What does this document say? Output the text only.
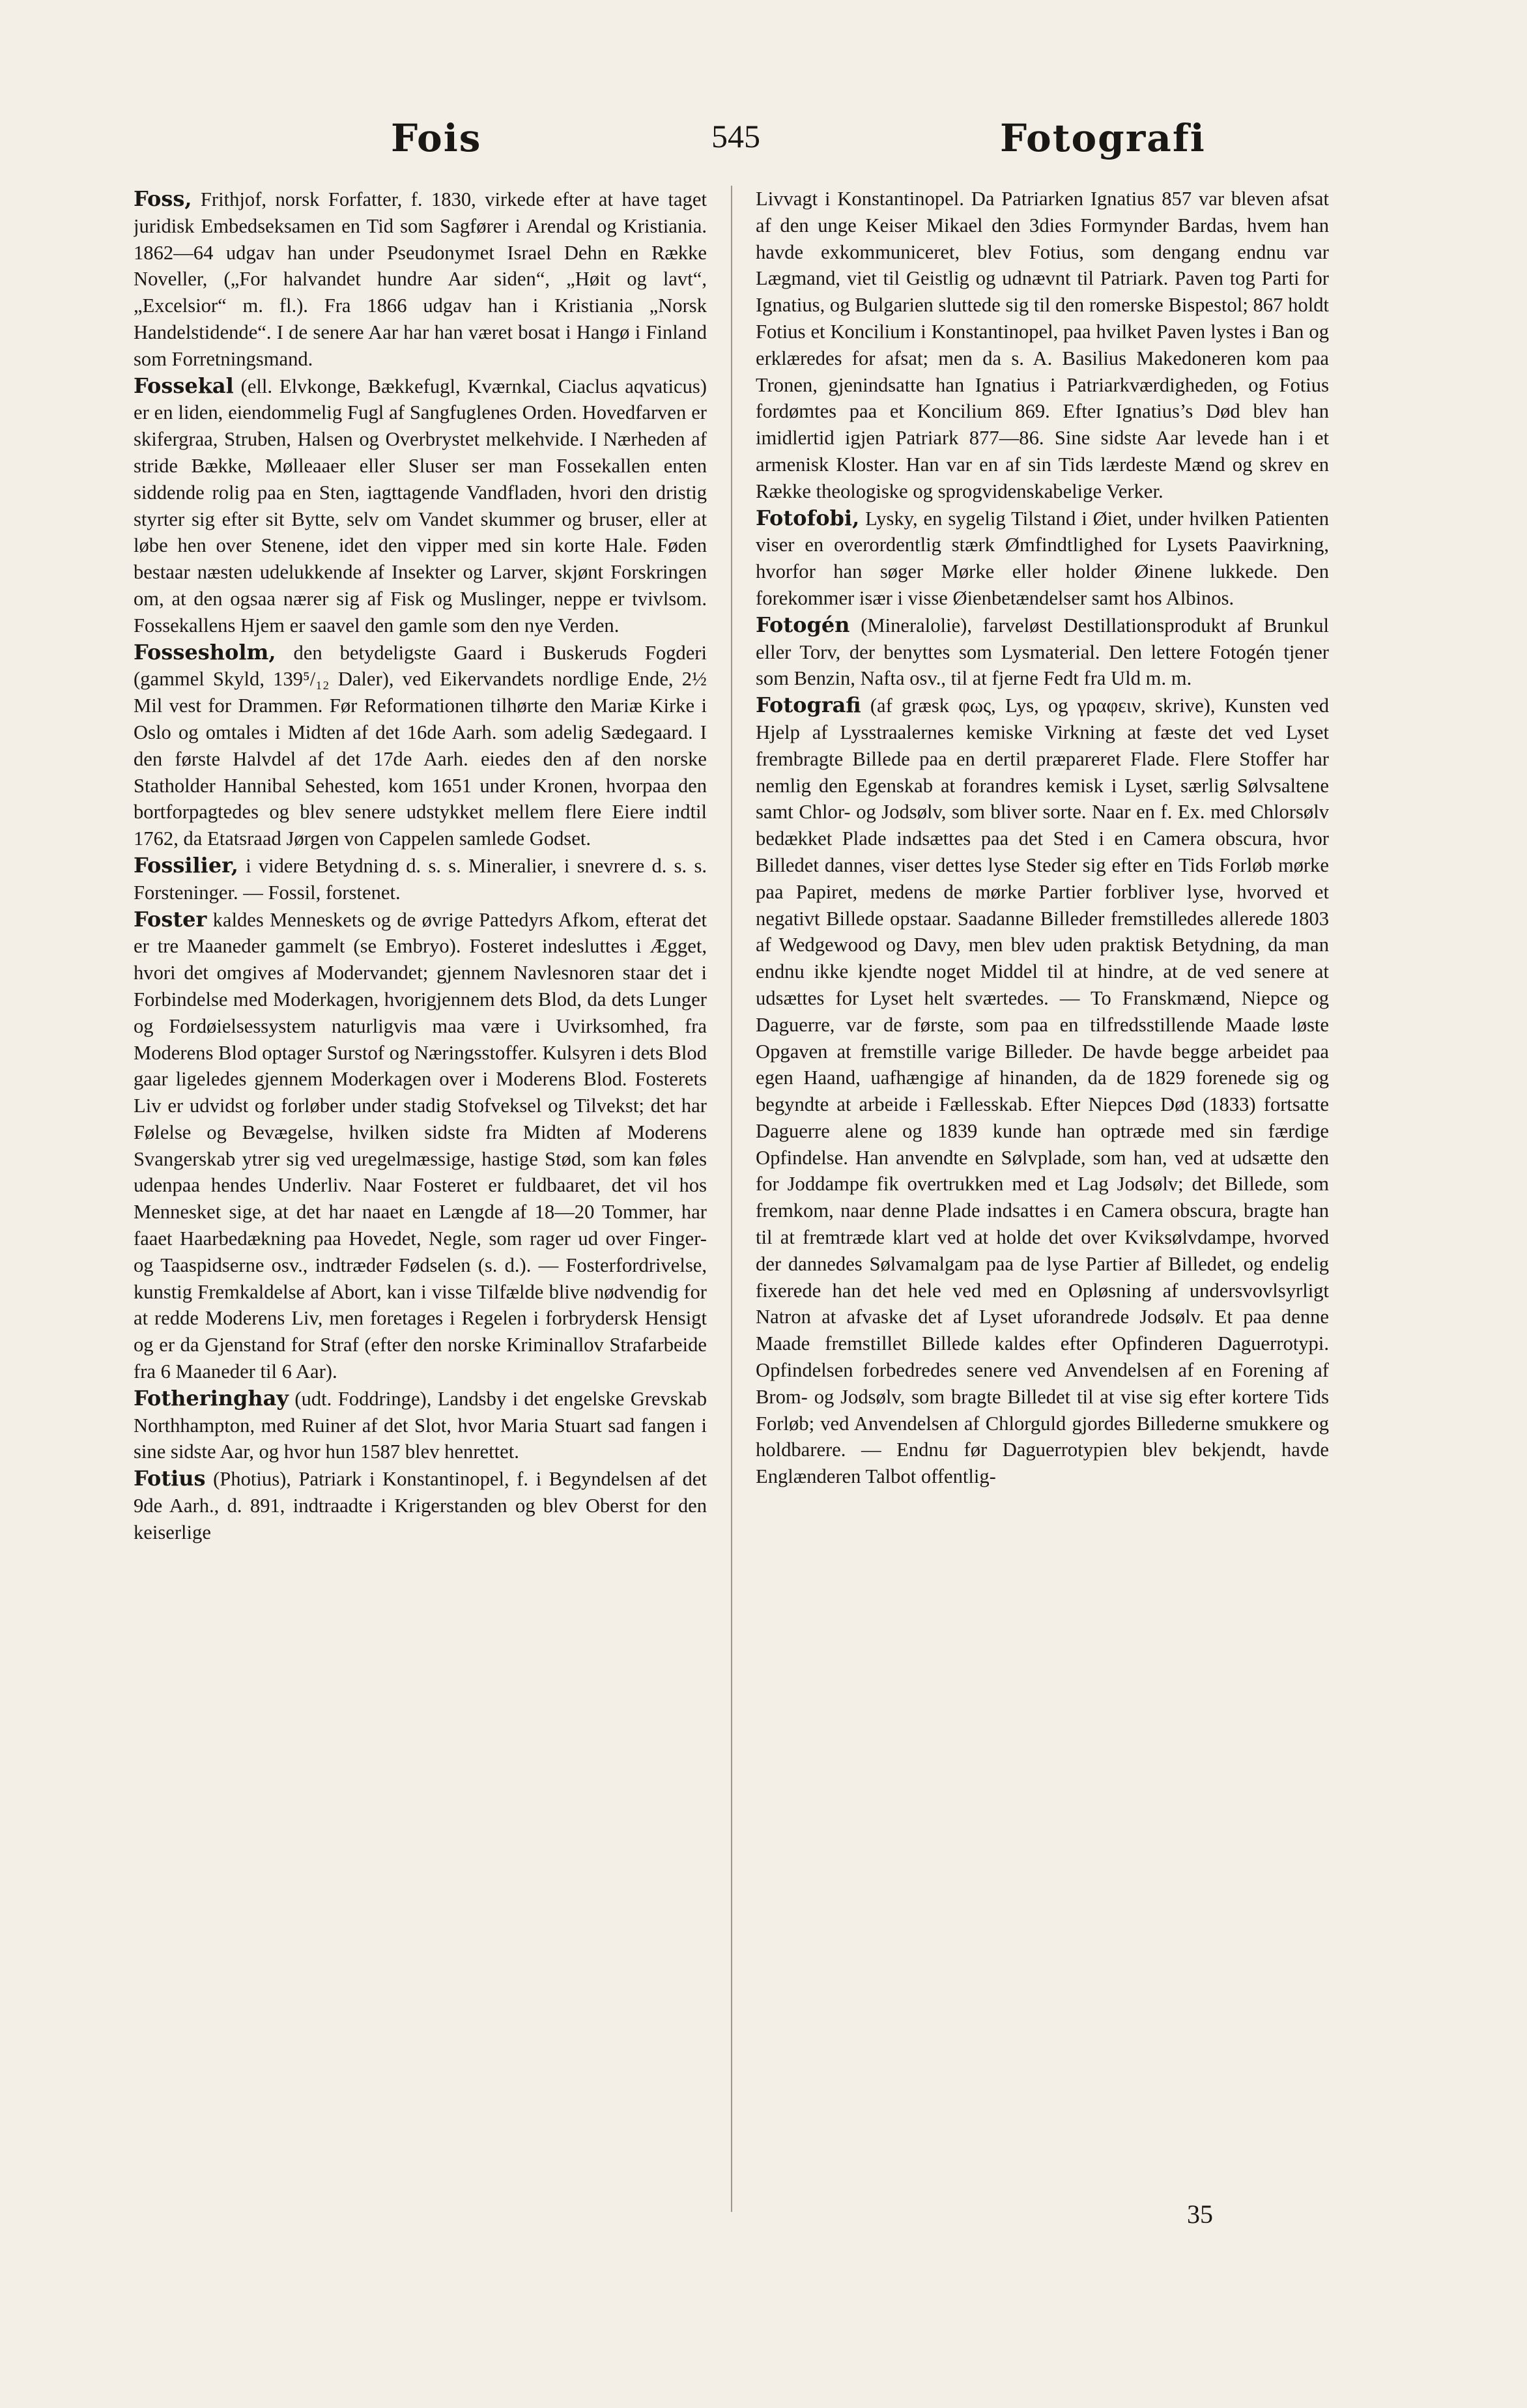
Fois	545	Fotografi

Foss, Frithjof, norsk Forfatter, f. 1830, virkede efter at have taget juridisk Embedseksamen en Tid som Sagfører i Arendal og Kristiania. 1862—64 udgav han under Pseudonymet Israel Dehn en Række Noveller, („For halvandet hundre Aar siden“, „Høit og lavt“, „Excelsior“ m. fl.). Fra 1866 udgav han i Kristiania „Norsk Handelstidende“. I de senere Aar har han været bosat i Hangø i Finland som Forretningsmand.

Fossekal (ell. Elvkonge, Bækkefugl, Kværnkal, Ciaclus aqvaticus) er en liden, eiendommelig Fugl af Sangfuglenes Orden. Hovedfarven er skifergraa, Struben, Halsen og Overbrystet melkehvide. I Nærheden af stride Bække, Mølleaaer eller Sluser ser man Fossekallen enten siddende rolig paa en Sten, iagttagende Vandfladen, hvori den dristig styrter sig efter sit Bytte, selv om Vandet skummer og bruser, eller at løbe hen over Stenene, idet den vipper med sin korte Hale. Føden bestaar næsten udelukkende af Insekter og Larver, skjønt Forskringen om, at den ogsaa nærer sig af Fisk og Muslinger, neppe er tvivlsom. Fossekallens Hjem er saavel den gamle som den nye Verden.

Fossesholm, den betydeligste Gaard i Buskeruds Fogderi (gammel Skyld, 139⁵/₁₂ Daler), ved Eikervandets nordlige Ende, 2½ Mil vest for Drammen. Før Reformationen tilhørte den Mariæ Kirke i Oslo og omtales i Midten af det 16de Aarh. som adelig Sædegaard. I den første Halvdel af det 17de Aarh. eiedes den af den norske Statholder Hannibal Sehested, kom 1651 under Kronen, hvorpaa den bortforpagtedes og blev senere udstykket mellem flere Eiere indtil 1762, da Etatsraad Jørgen von Cappelen samlede Godset.

Fossilier, i videre Betydning d. s. s. Mineralier, i snevrere d. s. s. Forsteninger. — Fossil, forstenet.

Foster kaldes Menneskets og de øvrige Pattedyrs Afkom, efterat det er tre Maaneder gammelt (se Embryo). Fosteret indesluttes i Ægget, hvori det omgives af Modervandet; gjennem Navlesnoren staar det i Forbindelse med Moderkagen, hvorigjennem dets Blod, da dets Lunger og Fordøielsessystem naturligvis maa være i Uvirksomhed, fra Moderens Blod optager Surstof og Næringsstoffer. Kulsyren i dets Blod gaar ligeledes gjennem Moderkagen over i Moderens Blod. Fosterets Liv er udvidst og forløber under stadig Stofveksel og Tilvekst; det har Følelse og Bevægelse, hvilken sidste fra Midten af Moderens Svangerskab ytrer sig ved uregelmæssige, hastige Stød, som kan føles udenpaa hendes Underliv. Naar Fosteret er fuldbaaret, det vil hos Mennesket sige, at det har naaet en Længde af 18—20 Tommer, har faaet Haarbedækning paa Hovedet, Negle, som rager ud over Finger- og Taaspidserne osv., indtræder Fødselen (s. d.). — Fosterfordrivelse, kunstig Fremkaldelse af Abort, kan i visse Tilfælde blive nødvendig for at redde Moderens Liv, men foretages i Regelen i forbrydersk Hensigt og er da Gjenstand for Straf (efter den norske Kriminallov Strafarbeide fra 6 Maaneder til 6 Aar).

Fotheringhay (udt. Foddringe), Landsby i det engelske Grevskab Northhampton, med Ruiner af det Slot, hvor Maria Stuart sad fangen i sine sidste Aar, og hvor hun 1587 blev henrettet.

Fotius (Photius), Patriark i Konstantinopel, f. i Begyndelsen af det 9de Aarh., d. 891, indtraadte i Krigerstanden og blev Oberst for den keiserlige

Livvagt i Konstantinopel. Da Patriarken Ignatius 857 var bleven afsat af den unge Keiser Mikael den 3dies Formynder Bardas, hvem han havde exkommuniceret, blev Fotius, som dengang endnu var Lægmand, viet til Geistlig og udnævnt til Patriark. Paven tog Parti for Ignatius, og Bulgarien sluttede sig til den romerske Bispestol; 867 holdt Fotius et Koncilium i Konstantinopel, paa hvilket Paven lystes i Ban og erklæredes for afsat; men da s. A. Basilius Makedoneren kom paa Tronen, gjenindsatte han Ignatius i Patriarkværdigheden, og Fotius fordømtes paa et Koncilium 869. Efter Ignatius’s Død blev han imidlertid igjen Patriark 877—86. Sine sidste Aar levede han i et armenisk Kloster. Han var en af sin Tids lærdeste Mænd og skrev en Række theologiske og sprogvidenskabelige Verker.

Fotofobi, Lysky, en sygelig Tilstand i Øiet, under hvilken Patienten viser en overordentlig stærk Ømfindtlighed for Lysets Paavirkning, hvorfor han søger Mørke eller holder Øinene lukkede. Den forekommer især i visse Øienbetændelser samt hos Albinos.

Fotogén (Mineralolie), farveløst Destillationsprodukt af Brunkul eller Torv, der benyttes som Lysmaterial. Den lettere Fotogén tjener som Benzin, Nafta osv., til at fjerne Fedt fra Uld m. m.

Fotografi (af græsk φως, Lys, og γραφειν, skrive), Kunsten ved Hjelp af Lysstraalernes kemiske Virkning at fæste det ved Lyset frembragte Billede paa en dertil præpareret Flade. Flere Stoffer har nemlig den Egenskab at forandres kemisk i Lyset, særlig Sølvsaltene samt Chlor- og Jodsølv, som bliver sorte. Naar en f. Ex. med Chlorsølv bedækket Plade indsættes paa det Sted i en Camera obscura, hvor Billedet dannes, viser dettes lyse Steder sig efter en Tids Forløb mørke paa Papiret, medens de mørke Partier forbliver lyse, hvorved et negativt Billede opstaar. Saadanne Billeder fremstilledes allerede 1803 af Wedgewood og Davy, men blev uden praktisk Betydning, da man endnu ikke kjendte noget Middel til at hindre, at de ved senere at udsættes for Lyset helt sværtedes. — To Franskmænd, Niepce og Daguerre, var de første, som paa en tilfredsstillende Maade løste Opgaven at fremstille varige Billeder. De havde begge arbeidet paa egen Haand, uafhængige af hinanden, da de 1829 forenede sig og begyndte at arbeide i Fællesskab. Efter Niepces Død (1833) fortsatte Daguerre alene og 1839 kunde han optræde med sin færdige Opfindelse. Han anvendte en Sølvplade, som han, ved at udsætte den for Joddampe fik overtrukken med et Lag Jodsølv; det Billede, som fremkom, naar denne Plade indsattes i en Camera obscura, bragte han til at fremtræde klart ved at holde det over Kviksølvdampe, hvorved der dannedes Sølvamalgam paa de lyse Partier af Billedet, og endelig fixerede han det hele ved med en Opløsning af undersvovlsyrligt Natron at afvaske det af Lyset uforandrede Jodsølv. Et paa denne Maade fremstillet Billede kaldes efter Opfinderen Daguerrotypi. Opfindelsen forbedredes senere ved Anvendelsen af en Forening af Brom- og Jodsølv, som bragte Billedet til at vise sig efter kortere Tids Forløb; ved Anvendelsen af Chlorguld gjordes Billederne smukkere og holdbarere. — Endnu før Daguerrotypien blev bekjendt, havde Englænderen Talbot offentlig-

35
